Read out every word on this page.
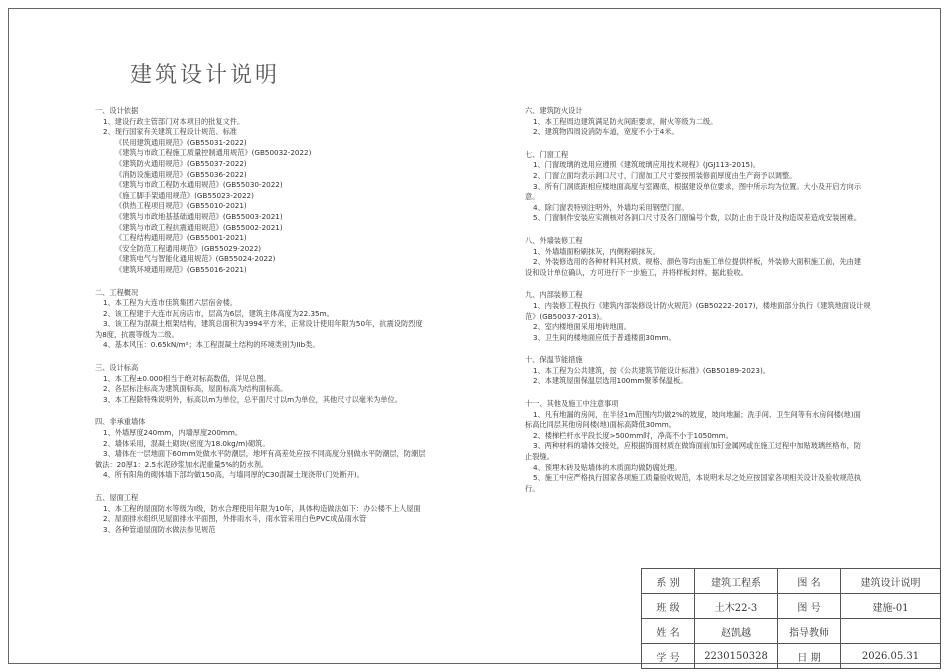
建筑设计说明
一、设计依据
1、建设行政主管部门对本项目的批复文件。
2、现行国家有关建筑工程设计规范、标准
《民用建筑通用规范》(GB55031-2022)
《建筑与市政工程施工质量控制通用规范》(GB50032-2022)
《建筑防火通用规范》(GB55037-2022)
《消防设施通用规范》(GB55036-2022)
《建筑与市政工程防水通用规范》(GB55030-2022)
《施工脚手架通用规范》(GB55023-2022)
《供热工程项目规范》(GB55010-2021)
《建筑与市政地基基础通用规范》(GB55003-2021)
《建筑与市政工程抗震通用规范》(GB55002-2021)
《工程结构通用规范》(GB55001-2021)
《安全防范工程通用规范》(GB55029-2022)
《建筑电气与智能化通用规范》(GB55024-2022)
《建筑环境通用规范》(GB55016-2021)
二、工程概况
1、本工程为大连市佳筑集团六层宿舍楼。
2、该工程建于大连市瓦房店市，层高为6层，建筑主体高度为22.35m。
3、该工程为混凝土框架结构，建筑总面积为3994平方米，正常设计使用年限为50年，抗震设防烈度
为8度，抗震等级为二级。
4、基本风压：0.65kN/m²；本工程混凝土结构的环境类别为IIb类。
三、设计标高
1、本工程±0.000相当于绝对标高数值，详见总图。
2、各层标注标高为建筑面标高，屋面标高为结构面标高。
3、本工程除特殊说明外，标高以m为单位，总平面尺寸以m为单位，其他尺寸以毫米为单位。
四、非承重墙体
1、外墙厚度240mm，内墙厚度200mm。
2、墙体采用，混凝土砌块(密度为18.0kg/m)砌筑。
3、墙体在一层地面下60mm处做水平防潮层，地坪有高差处应按不同高度分别做水平防潮层，防潮层
做法：20厚1：2.5水泥砂浆加水泥重量5%的防水剂。
4、所有阳角的砌体墙下部均做150高，与墙同厚的C30混凝土现浇带(门处断开)。
五、屋面工程
1、本工程的屋面防水等级为I级，防水合理使用年限为10年，具体构造做法如下：办公楼不上人屋面
2、屋面排水组织见屋面排水平面图，外排雨水斗，雨水管采用白色PVC成品雨水管
3、各种管道屋面防水做法参见规范
六、建筑防火设计
1、本工程周边建筑满足防火间距要求，耐火等级为二级。
2、建筑物四周设消防车道，宽度不小于4米。
七、门窗工程
1、门窗玻璃的选用应遵照《建筑玻璃应用技术规程》(JGJ113-2015)。
2、门窗立面均表示洞口尺寸，门窗加工尺寸要按照装修面厚度由生产商予以调整。
3、所有门洞底距相应楼地面高度与室踢底，根据建设单位要求，图中所示均为位置。大小及开启方向示
意。
4、除门窗表特别注明外，外墙均采用钢塑门窗。
5、门窗制作安装应实测核对各洞口尺寸及各门窗编号个数，以防止由于设计及构造误差造成安装困难。
八、外墙装修工程
1、外墙墙面粉刷抹灰，内侧粉刷抹灰。
2、外装修选用的各种材料其材质、规格、颜色等均由施工单位提供样板，外装修大面积施工前，先由建
设和设计单位确认，方可进行下一步施工，并将样板封样，据此验收。
九、内部装修工程
1、内装修工程执行《建筑内部装修设计防火规范》(GB50222-2017)，楼地面部分执行《建筑地面设计规
范》(GB50037-2013)。
2、室内楼地面采用地砖地面。
3、卫生间的楼地面应低于普通楼面30mm。
十、保温节能措施
1、本工程为公共建筑，按《公共建筑节能设计标准》(GB50189-2023)。
2、本建筑屋面保温层选用100mm聚苯保温板。
十一、其他及施工中注意事项
1、凡有地漏的房间，在半径1m范围内均做2%的坡度，坡向地漏；洗手间、卫生间等有水房间楼(地)面
标高比同层其他房间楼(地)面标高降低30mm。
2、楼梯栏杆水平段长度>500mm时，净高不小于1050mm。
3、两种材料的墙体交接处，应根据饰面材质在做饰面前加钉金属网或在施工过程中加贴玻璃丝格布，防
止裂缝。
4、预埋木砖及贴墙体的木质面均做防腐处理。
5、施工中应严格执行国家各项施工质量验收规范，本说明未尽之处应按国家各项相关设计及验收规范执
行。
系 别	建筑工程系	图 名	建筑设计说明
班 级	土木22-3	图 号	建施-01
姓 名	赵凯越	指导教师	
学 号	2230150328	日 期	2026.05.31
